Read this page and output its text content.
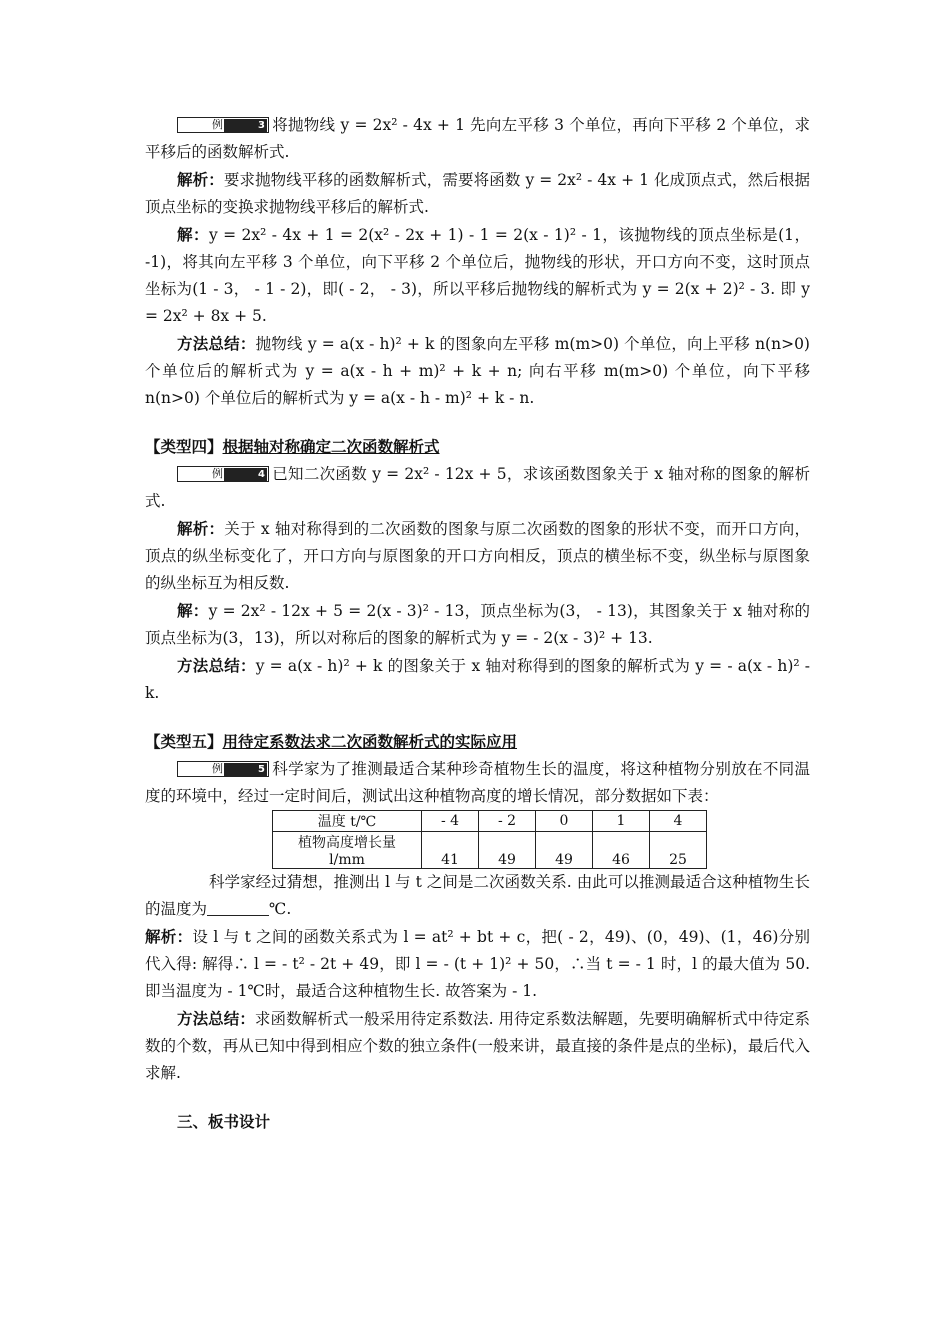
例	3 将抛物线 y = 2x² - 4x + 1 先向左平移 3 个单位，再向下平移 2 个单位，求平移后的函数解析式.

解析：要求抛物线平移的函数解析式，需要将函数 y = 2x² - 4x + 1 化成顶点式，然后根据顶点坐标的变换求抛物线平移后的解析式.

解：y = 2x² - 4x + 1 = 2(x² - 2x + 1) - 1 = 2(x - 1)² - 1，该抛物线的顶点坐标是(1， -1)，将其向左平移 3 个单位，向下平移 2 个单位后，抛物线的形状，开口方向不变，这时顶点坐标为(1 - 3， - 1 - 2)，即( - 2， - 3)，所以平移后抛物线的解析式为 y = 2(x + 2)² - 3. 即 y = 2x² + 8x + 5.

方法总结：抛物线 y = a(x - h)² + k 的图象向左平移 m(m>0) 个单位，向上平移 n(n>0) 个单位后的解析式为 y = a(x - h + m)² + k + n; 向右平移 m(m>0) 个单位，向下平移 n(n>0) 个单位后的解析式为 y = a(x - h - m)² + k - n.

【类型四】根据轴对称确定二次函数解析式

例	4 已知二次函数 y = 2x² - 12x + 5，求该函数图象关于 x 轴对称的图象的解析式.

解析：关于 x 轴对称得到的二次函数的图象与原二次函数的图象的形状不变，而开口方向，顶点的纵坐标变化了，开口方向与原图象的开口方向相反，顶点的横坐标不变，纵坐标与原图象的纵坐标互为相反数.

解：y = 2x² - 12x + 5 = 2(x - 3)² - 13，顶点坐标为(3， - 13)，其图象关于 x 轴对称的顶点坐标为(3，13)，所以对称后的图象的解析式为 y = - 2(x - 3)² + 13.

方法总结：y = a(x - h)² + k 的图象关于 x 轴对称得到的图象的解析式为 y = - a(x - h)² - k.

【类型五】用待定系数法求二次函数解析式的实际应用

例	5 科学家为了推测最适合某种珍奇植物生长的温度，将这种植物分别放在不同温度的环境中，经过一定时间后，测试出这种植物高度的增长情况，部分数据如下表：

温度 t/℃	- 4	- 2	0	1	4

植物高度增长量
l/mm	41	49	49	46	25

科学家经过猜想，推测出 l 与 t 之间是二次函数关系. 由此可以推测最适合这种植物生长的温度为	℃.

解析：设 l 与 t 之间的函数关系式为 l = at² + bt + c，把( - 2，49)、(0，49)、(1，46)分别代入得: 解得∴ l = - t² - 2t + 49，即 l = - (t + 1)² + 50，∴当 t = - 1 时，l 的最大值为 50. 即当温度为 - 1℃时，最适合这种植物生长. 故答案为 - 1.

方法总结：求函数解析式一般采用待定系数法. 用待定系数法解题，先要明确解析式中待定系数的个数，再从已知中得到相应个数的独立条件(一般来讲，最直接的条件是点的坐标)，最后代入求解.

三、板书设计
